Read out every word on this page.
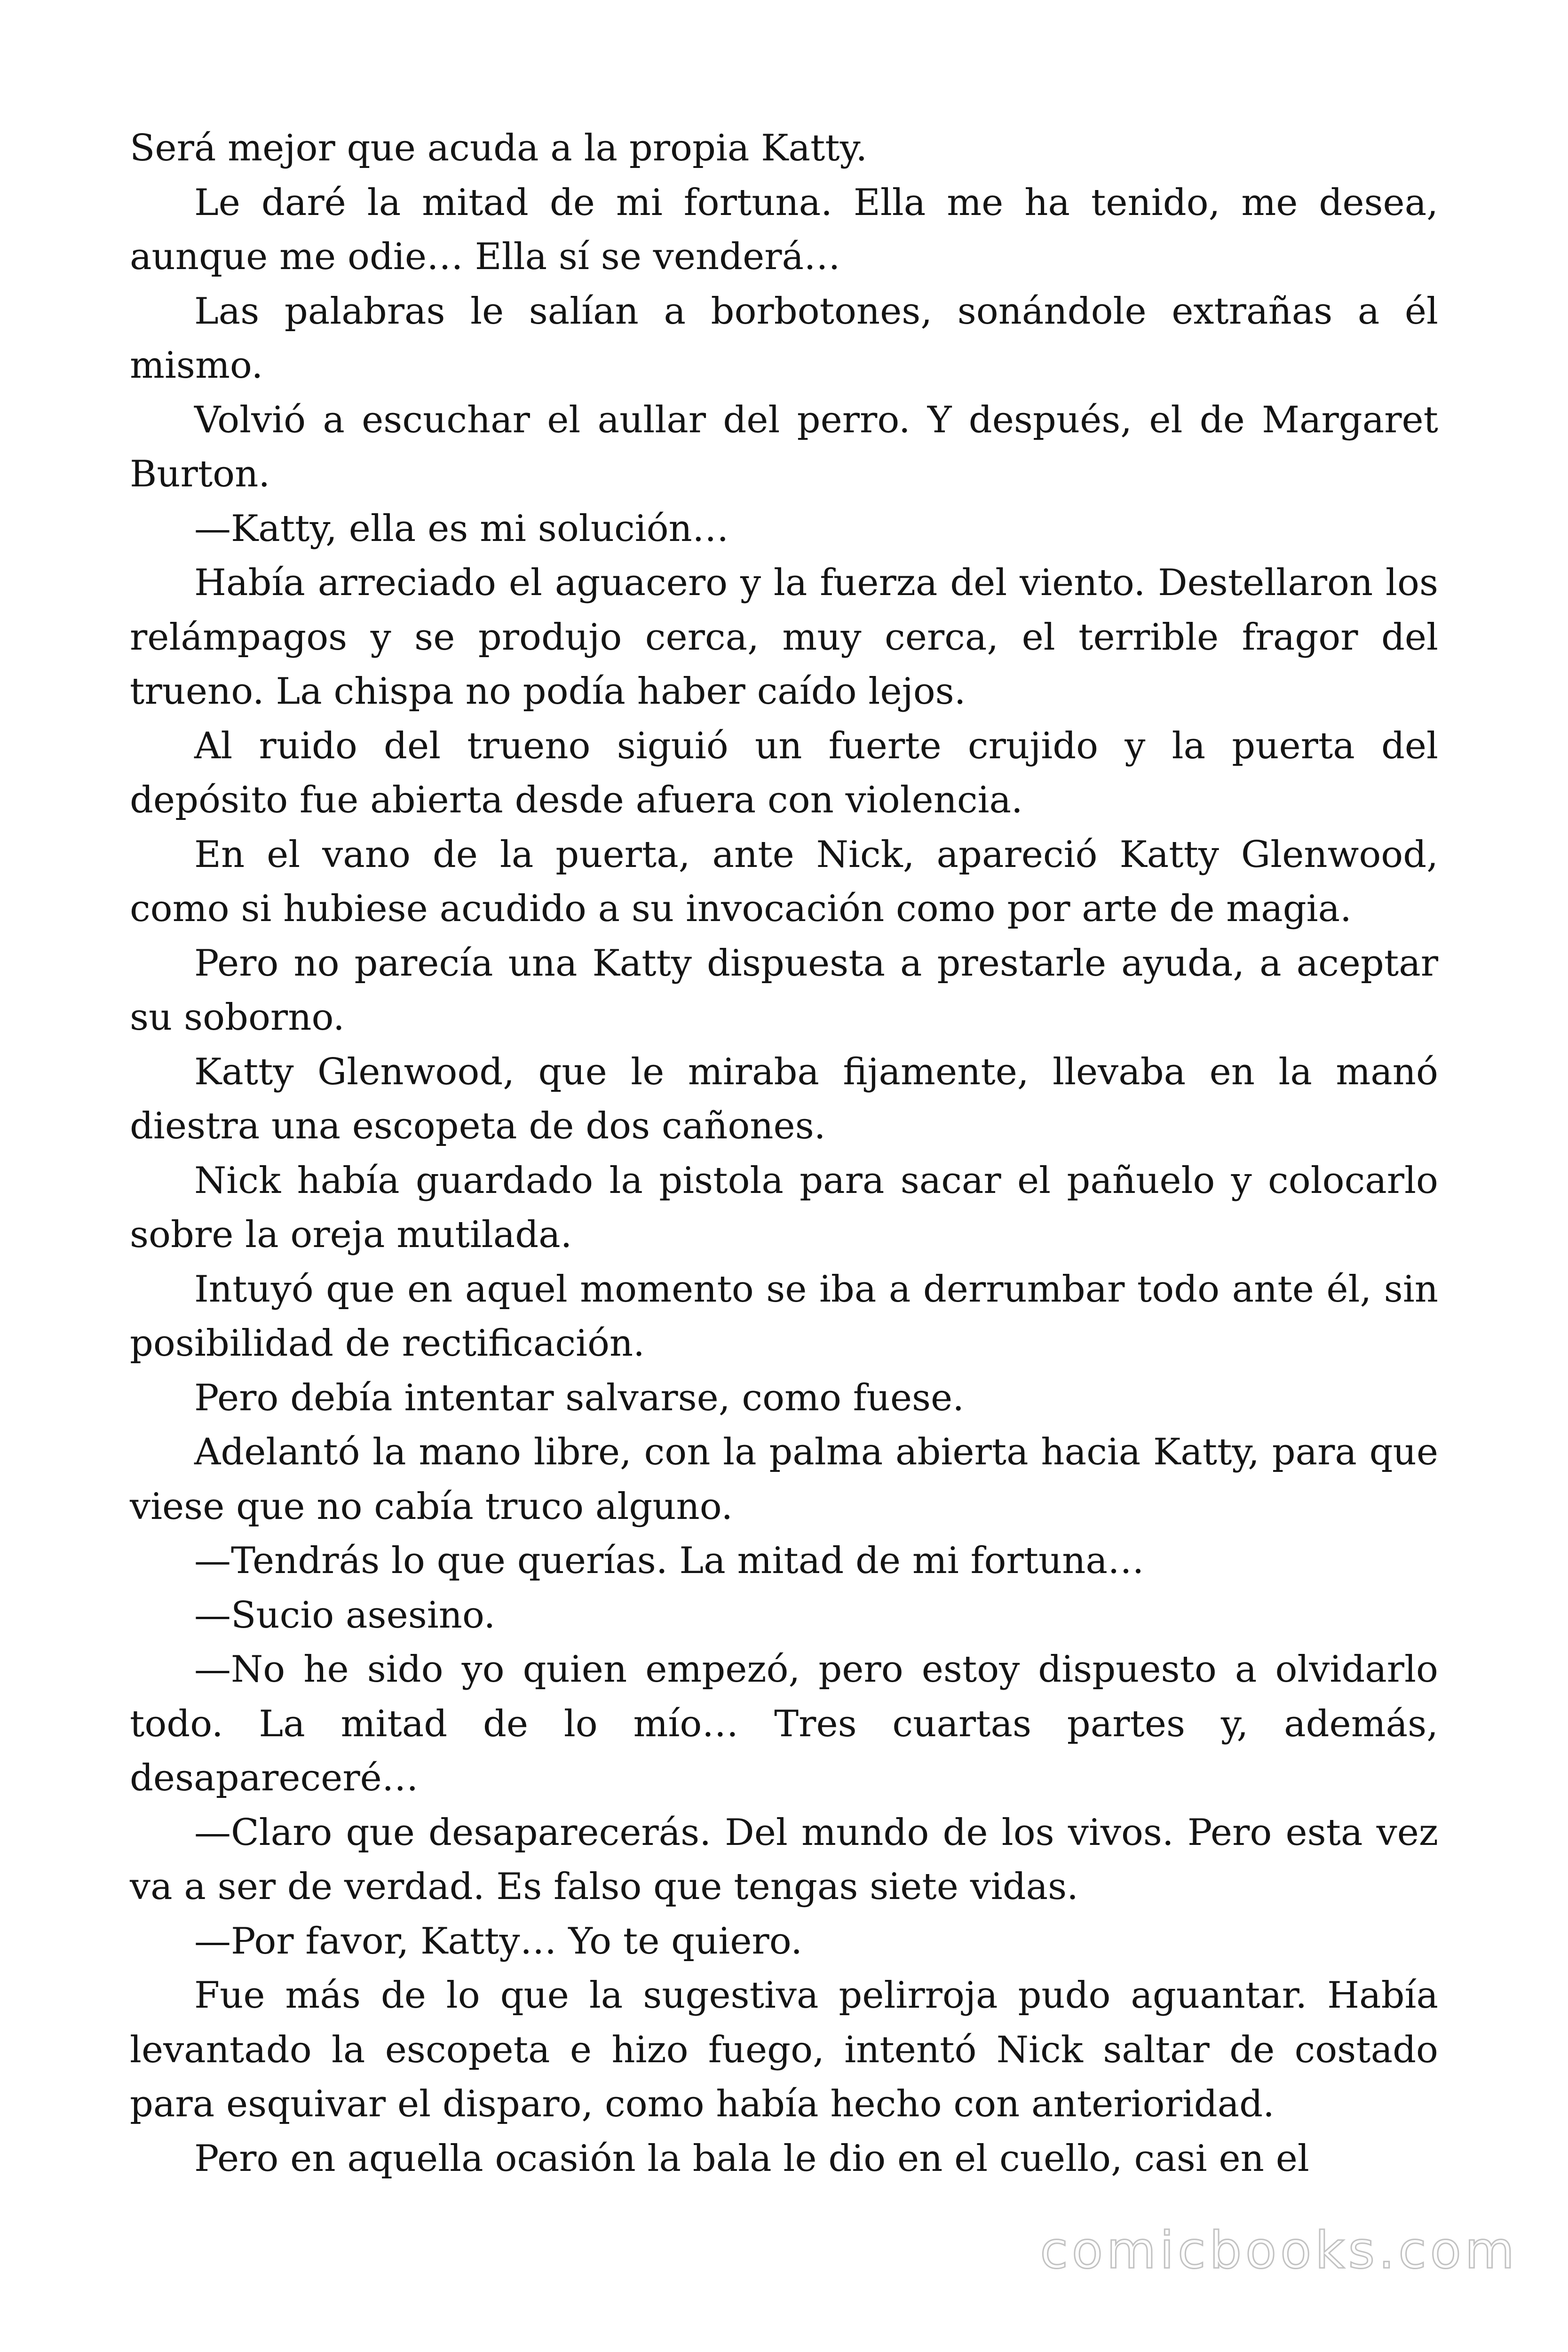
Será mejor que acuda a la propia Katty.

Le daré la mitad de mi fortuna. Ella me ha tenido, me desea, aunque me odie… Ella sí se venderá…

Las palabras le salían a borbotones, sonándole extrañas a él mismo.

Volvió a escuchar el aullar del perro. Y después, el de Margaret Burton.

—Katty, ella es mi solución…

Había arreciado el aguacero y la fuerza del viento. Destellaron los relámpagos y se produjo cerca, muy cerca, el terrible fragor del trueno. La chispa no podía haber caído lejos.

Al ruido del trueno siguió un fuerte crujido y la puerta del depósito fue abierta desde afuera con violencia.

En el vano de la puerta, ante Nick, apareció Katty Glenwood, como si hubiese acudido a su invocación como por arte de magia.

Pero no parecía una Katty dispuesta a prestarle ayuda, a aceptar su soborno.

Katty Glenwood, que le miraba fijamente, llevaba en la manó diestra una escopeta de dos cañones.

Nick había guardado la pistola para sacar el pañuelo y colocarlo sobre la oreja mutilada.

Intuyó que en aquel momento se iba a derrumbar todo ante él, sin posibilidad de rectificación.

Pero debía intentar salvarse, como fuese.

Adelantó la mano libre, con la palma abierta hacia Katty, para que viese que no cabía truco alguno.

—Tendrás lo que querías. La mitad de mi fortuna…

—Sucio asesino.

—No he sido yo quien empezó, pero estoy dispuesto a olvidarlo todo. La mitad de lo mío… Tres cuartas partes y, además, desapareceré…

—Claro que desaparecerás. Del mundo de los vivos. Pero esta vez va a ser de verdad. Es falso que tengas siete vidas.

—Por favor, Katty… Yo te quiero.

Fue más de lo que la sugestiva pelirroja pudo aguantar. Había levantado la escopeta e hizo fuego, intentó Nick saltar de costado para esquivar el disparo, como había hecho con anterioridad.

Pero en aquella ocasión la bala le dio en el cuello, casi en el

comicbooks.com
